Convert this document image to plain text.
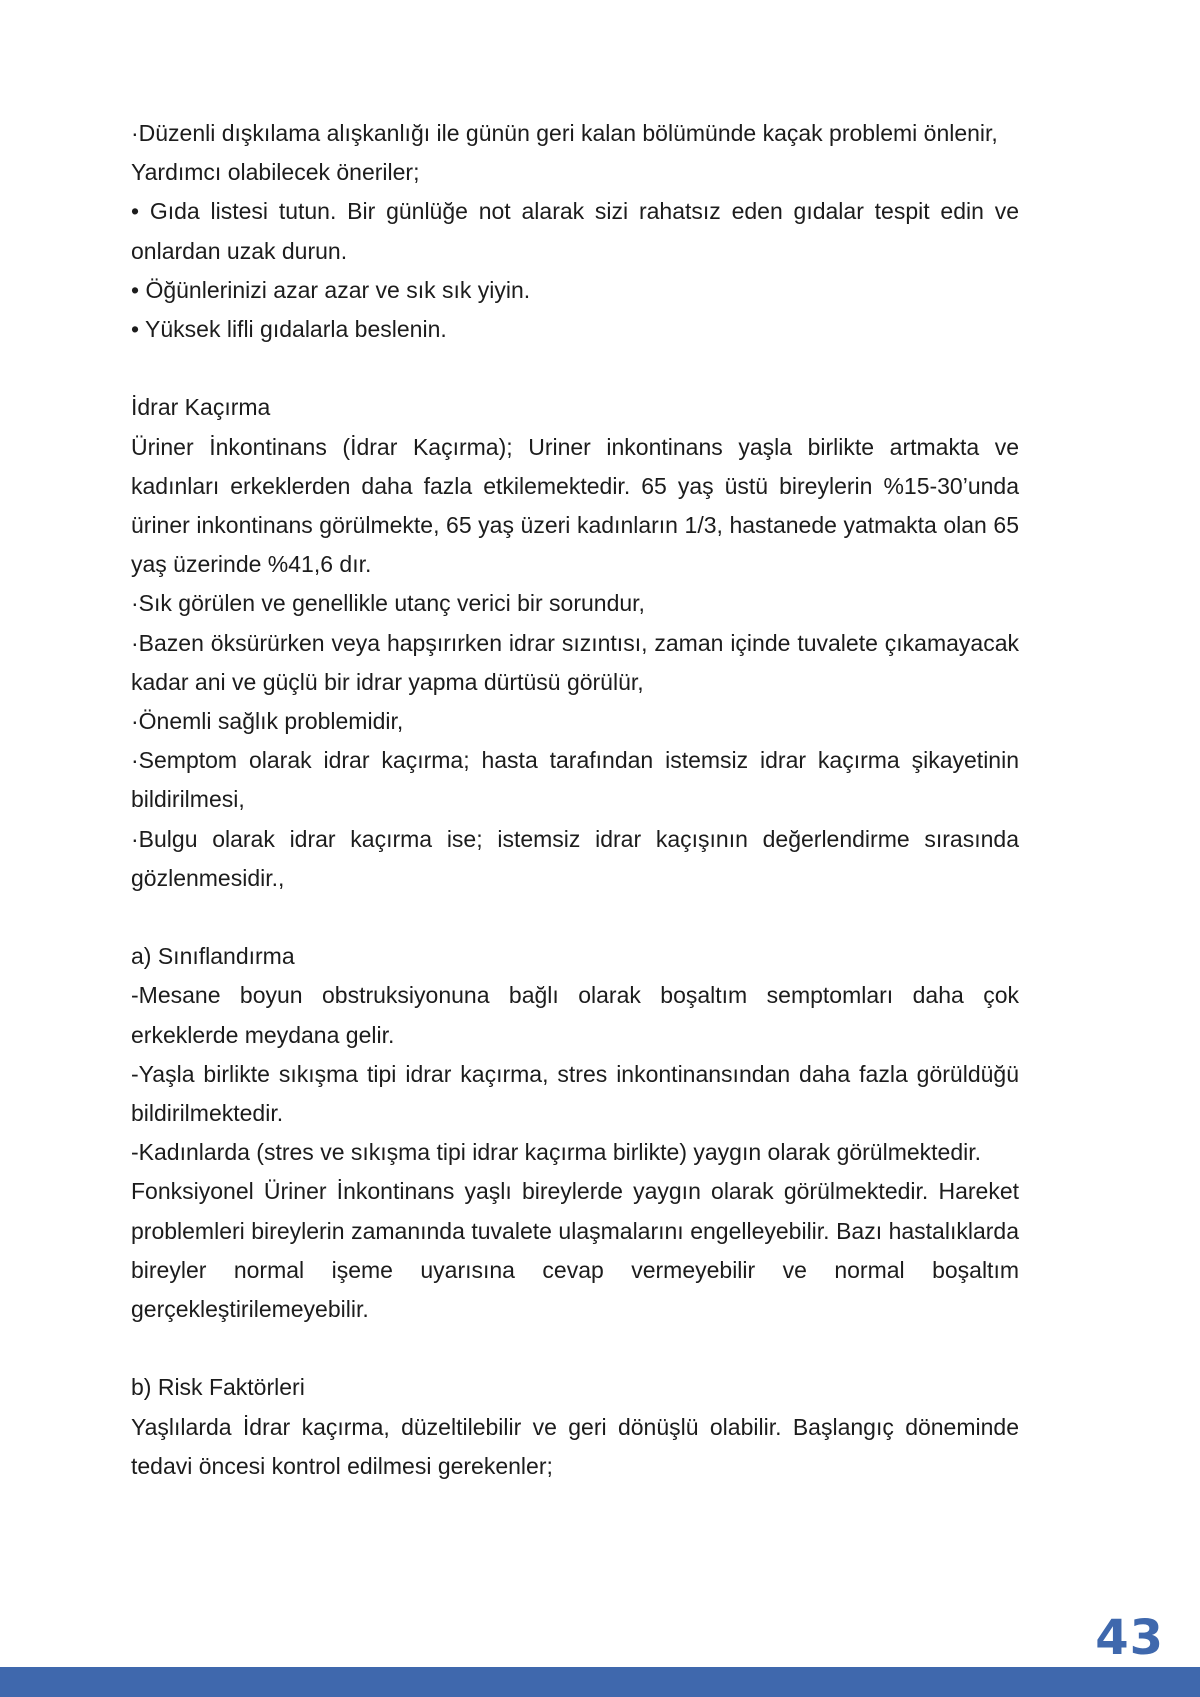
·Düzenli dışkılama alışkanlığı ile günün geri kalan bölümünde kaçak problemi önlenir,

Yardımcı olabilecek öneriler;

• Gıda listesi tutun. Bir günlüğe not alarak sizi rahatsız eden gıdalar tespit edin ve onlardan uzak durun.

• Öğünlerinizi azar azar ve sık sık yiyin.

• Yüksek lifli gıdalarla beslenin.

İdrar Kaçırma

Üriner İnkontinans (İdrar Kaçırma); Uriner inkontinans yaşla birlikte artmakta ve kadınları erkeklerden daha fazla etkilemektedir. 65 yaş üstü bireylerin %15-30’unda üriner inkontinans görülmekte, 65 yaş üzeri kadınların 1/3, hastanede yatmakta olan 65 yaş üzerinde %41,6 dır.

·Sık görülen ve genellikle utanç verici bir sorundur,

·Bazen öksürürken veya hapşırırken idrar sızıntısı, zaman içinde tuvalete çıkamayacak kadar ani ve güçlü bir idrar yapma dürtüsü görülür,

·Önemli sağlık problemidir,

·Semptom olarak idrar kaçırma; hasta tarafından istemsiz idrar kaçırma şikayetinin bildirilmesi,

·Bulgu olarak idrar kaçırma ise; istemsiz idrar kaçışının değerlendirme sırasında gözlenmesidir.,

a) Sınıflandırma

-Mesane boyun obstruksiyonuna bağlı olarak boşaltım semptomları daha çok erkeklerde meydana gelir.

-Yaşla birlikte sıkışma tipi idrar kaçırma, stres inkontinansından daha fazla görüldüğü bildirilmektedir.

-Kadınlarda (stres ve sıkışma tipi idrar kaçırma birlikte) yaygın olarak görülmektedir.

Fonksiyonel Üriner İnkontinans yaşlı bireylerde yaygın olarak görülmektedir. Hareket problemleri bireylerin zamanında tuvalete ulaşmalarını engelleyebilir. Bazı hastalıklarda bireyler normal işeme uyarısına cevap vermeyebilir ve normal boşaltım gerçekleştirilemeyebilir.

b) Risk Faktörleri

Yaşlılarda İdrar kaçırma, düzeltilebilir ve geri dönüşlü olabilir. Başlangıç döneminde tedavi öncesi kontrol edilmesi gerekenler;

43
